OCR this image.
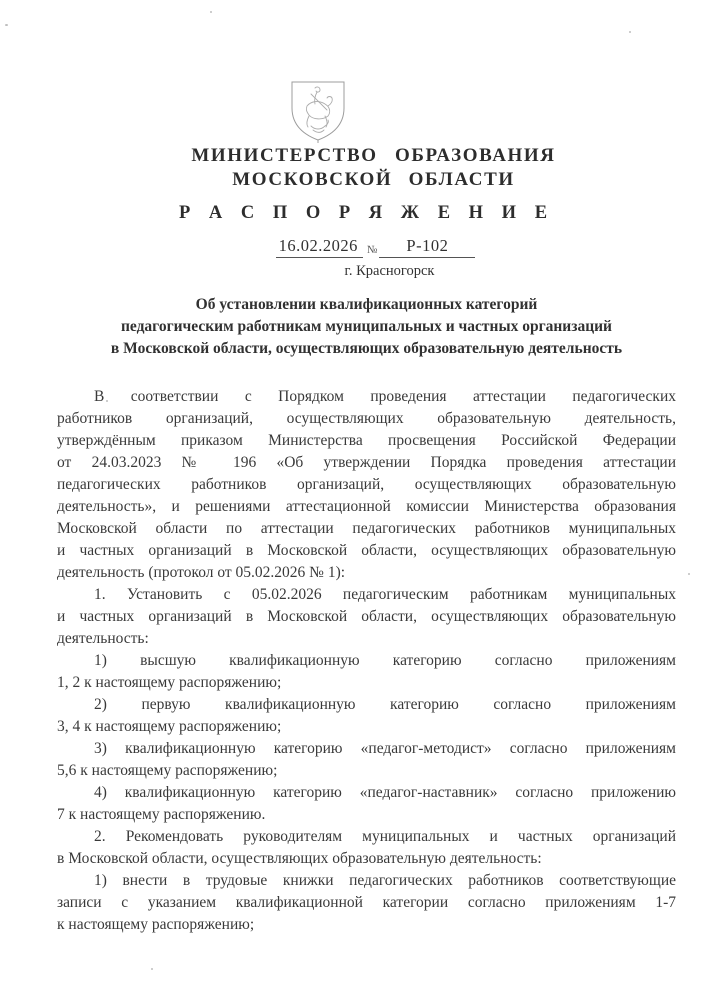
МИНИСТЕРСТВО ОБРАЗОВАНИЯ
МОСКОВСКОЙ ОБЛАСТИ
Р А С П О Р Я Ж Е Н И Е
16.02.2026 №	Р-102
г. Красногорск
Об установлении квалификационных категорий
педагогическим работникам муниципальных и частных организаций
в Московской области, осуществляющих образовательную деятельность
В соответствии с Порядком проведения аттестации педагогических
работников организаций, осуществляющих образовательную деятельность,
утверждённым приказом Министерства просвещения Российской Федерации
от 24.03.2023 № 196 «Об утверждении Порядка проведения аттестации
педагогических работников организаций, осуществляющих образовательную
деятельность», и решениями аттестационной комиссии Министерства образования
Московской области по аттестации педагогических работников муниципальных
и частных организаций в Московской области, осуществляющих образовательную
деятельность (протокол от 05.02.2026 № 1):
1. Установить с 05.02.2026 педагогическим работникам муниципальных
и частных организаций в Московской области, осуществляющих образовательную
деятельность:
1) высшую квалификационную категорию согласно приложениям
1, 2 к настоящему распоряжению;
2) первую квалификационную категорию согласно приложениям
3, 4 к настоящему распоряжению;
3) квалификационную категорию «педагог-методист» согласно приложениям
5,6 к настоящему распоряжению;
4) квалификационную категорию «педагог-наставник» согласно приложению
7 к настоящему распоряжению.
2. Рекомендовать руководителям муниципальных и частных организаций
в Московской области, осуществляющих образовательную деятельность:
1) внести в трудовые книжки педагогических работников соответствующие
записи с указанием квалификационной категории согласно приложениям 1-7
к настоящему распоряжению;
